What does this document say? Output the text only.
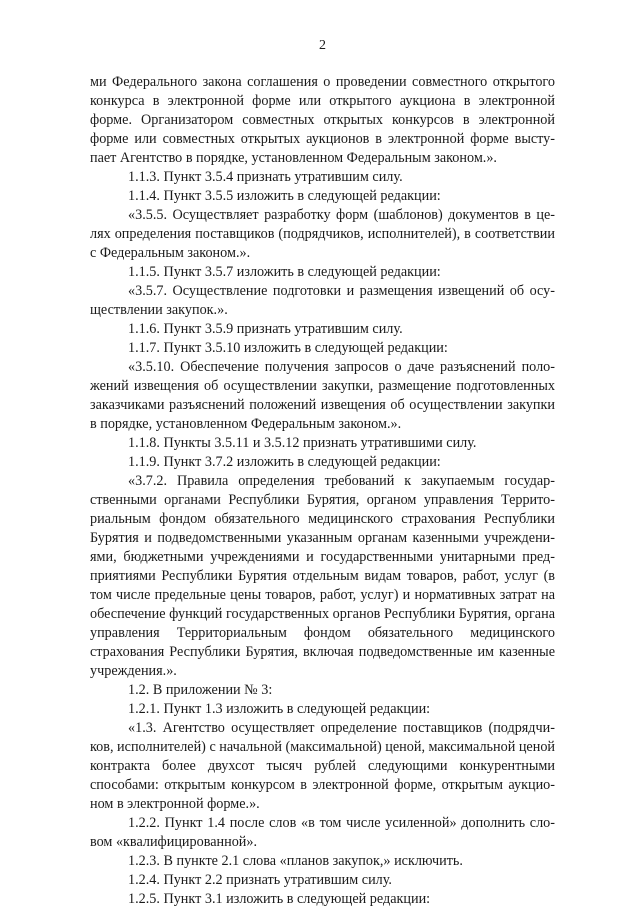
2

ми Федерального закона соглашения о проведении совместного открытого конкурса в электронной форме или открытого аукциона в электронной форме. Организатором совместных открытых конкурсов в электронной форме или совместных открытых аукционов в электронной форме выступает Агентство в порядке, установленном Федеральным законом.».

1.1.3. Пункт 3.5.4 признать утратившим силу.

1.1.4. Пункт 3.5.5 изложить в следующей редакции:

«3.5.5. Осуществляет разработку форм (шаблонов) документов в целях определения поставщиков (подрядчиков, исполнителей), в соответствии с Федеральным законом.».

1.1.5. Пункт 3.5.7 изложить в следующей редакции:

«3.5.7. Осуществление подготовки и размещения извещений об осуществлении закупок.».

1.1.6. Пункт 3.5.9 признать утратившим силу.

1.1.7. Пункт 3.5.10 изложить в следующей редакции:

«3.5.10. Обеспечение получения запросов о даче разъяснений положений извещения об осуществлении закупки, размещение подготовленных заказчиками разъяснений положений извещения об осуществлении закупки в порядке, установленном Федеральным законом.».

1.1.8. Пункты 3.5.11 и 3.5.12 признать утратившими силу.

1.1.9. Пункт 3.7.2 изложить в следующей редакции:

«3.7.2. Правила определения требований к закупаемым государственными органами Республики Бурятия, органом управления Территориальным фондом обязательного медицинского страхования Республики Бурятия и подведомственными указанным органам казенными учреждениями, бюджетными учреждениями и государственными унитарными предприятиями Республики Бурятия отдельным видам товаров, работ, услуг (в том числе предельные цены товаров, работ, услуг) и нормативных затрат на обеспечение функций государственных органов Республики Бурятия, органа управления Территориальным фондом обязательного медицинского страхования Республики Бурятия, включая подведомственные им казенные учреждения.».

1.2. В приложении № 3:

1.2.1. Пункт 1.3 изложить в следующей редакции:

«1.3. Агентство осуществляет определение поставщиков (подрядчиков, исполнителей) с начальной (максимальной) ценой, максимальной ценой контракта более двухсот тысяч рублей следующими конкурентными способами: открытым конкурсом в электронной форме, открытым аукционом в электронной форме.».

1.2.2. Пункт 1.4 после слов «в том числе усиленной» дополнить словом «квалифицированной».

1.2.3. В пункте 2.1 слова «планов закупок,» исключить.

1.2.4. Пункт 2.2 признать утратившим силу.

1.2.5. Пункт 3.1 изложить в следующей редакции:
